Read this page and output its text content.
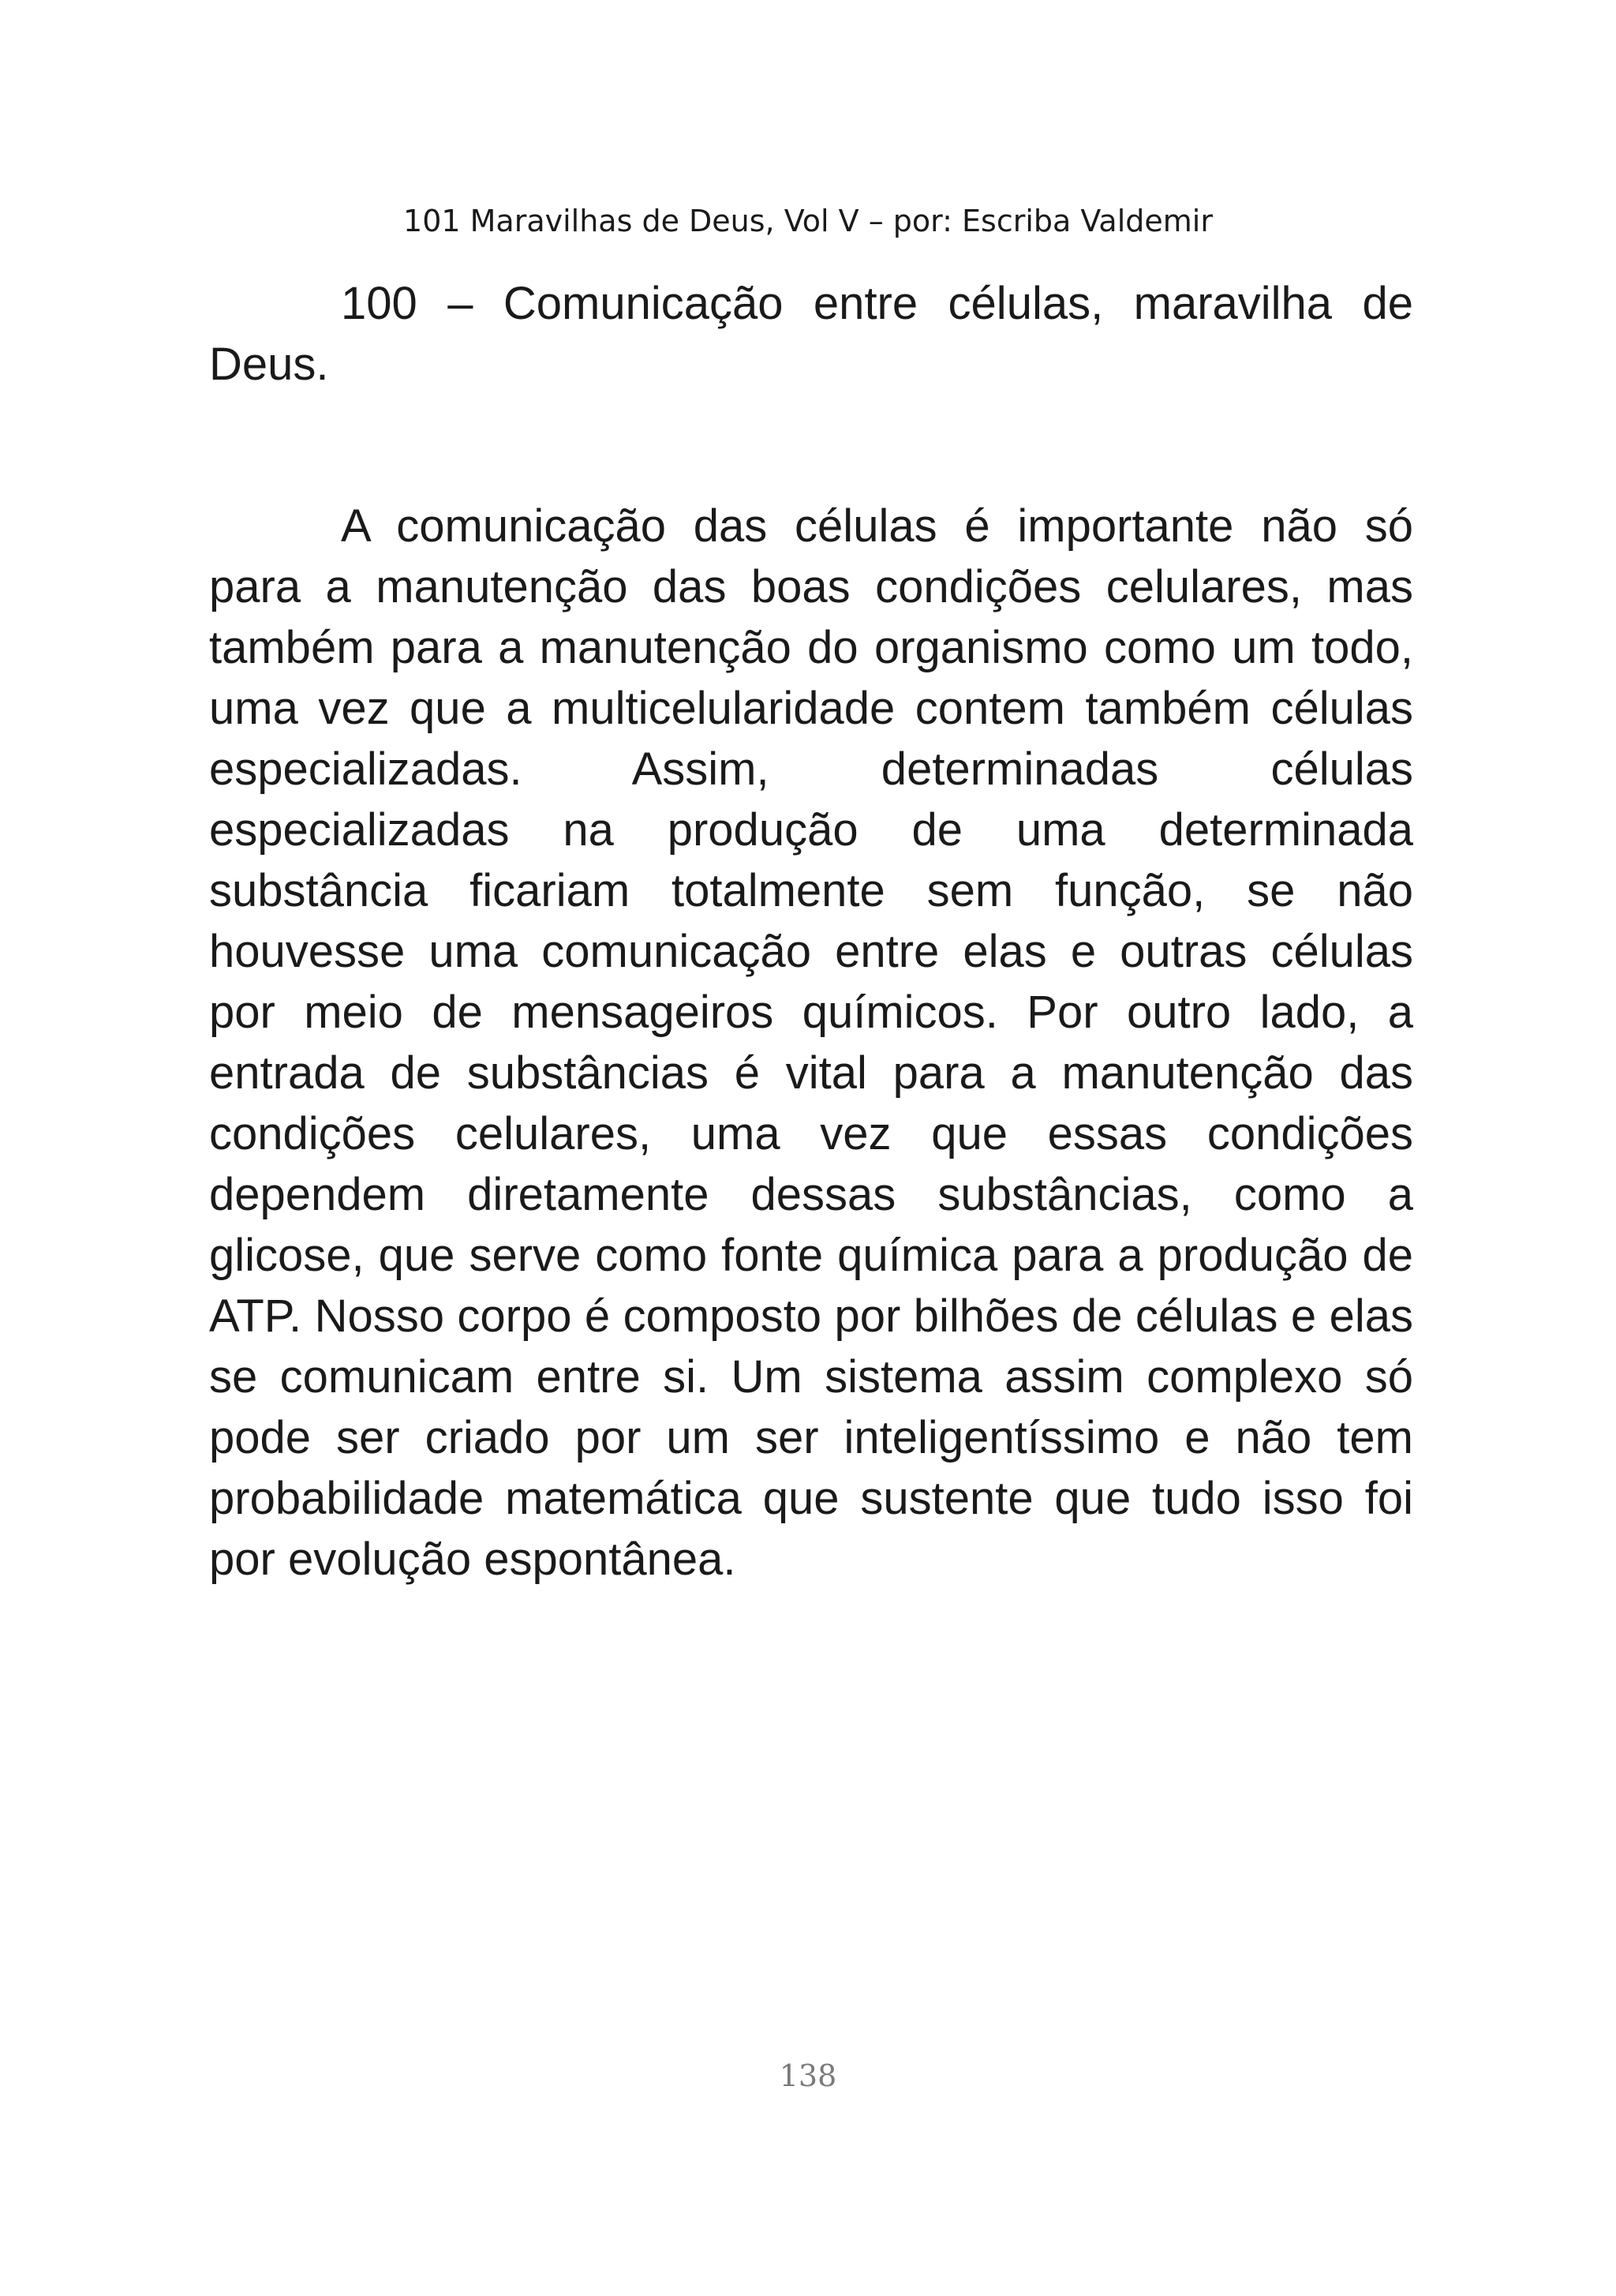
101 Maravilhas de Deus, Vol V – por: Escriba Valdemir
100 – Comunicação entre células, maravilha de Deus.

A comunicação das células é importante não só para a manutenção das boas condições celulares, mas também para a manutenção do organismo como um todo, uma vez que a multicelularidade contem também células especializadas. Assim, determinadas células especializadas na produção de uma determinada substância ficariam totalmente sem função, se não houvesse uma comunicação entre elas e outras células por meio de mensageiros químicos. Por outro lado, a entrada de substâncias é vital para a manutenção das condições celulares, uma vez que essas condições dependem diretamente dessas substâncias, como a glicose, que serve como fonte química para a produção de ATP. Nosso corpo é composto por bilhões de células e elas se comunicam entre si. Um sistema assim complexo só pode ser criado por um ser inteligentíssimo e não tem probabilidade matemática que sustente que tudo isso foi por evolução espontânea.

138
